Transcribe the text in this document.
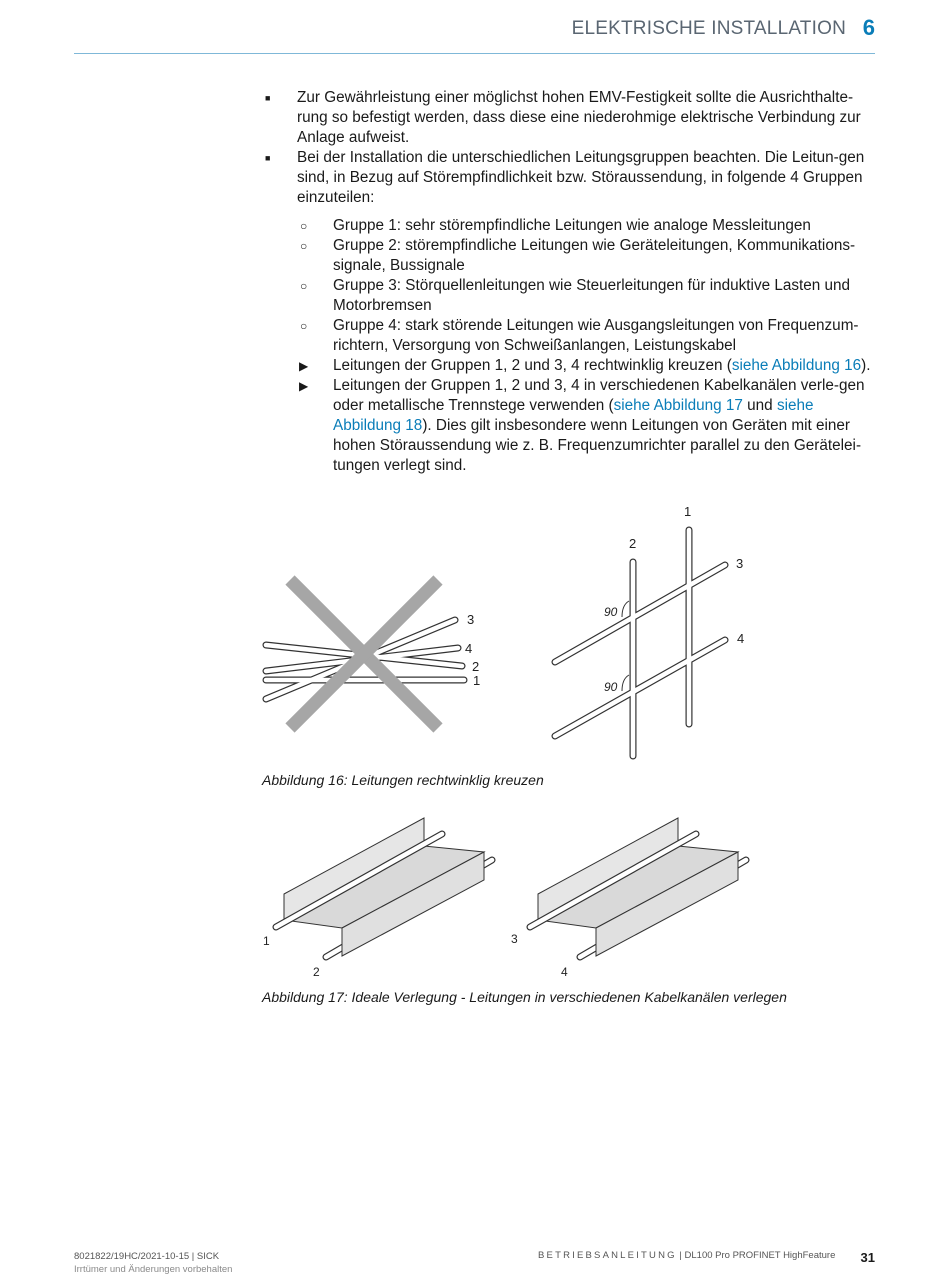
ELEKTRISCHE INSTALLATION 6
■ Zur Gewährleistung einer möglichst hohen EMV-Festigkeit sollte die Ausrichthalte-rung so befestigt werden, dass diese eine niederohmige elektrische Verbindung zur Anlage aufweist.
■ Bei der Installation die unterschiedlichen Leitungsgruppen beachten. Die Leitun-gen sind, in Bezug auf Störempfindlichkeit bzw. Störaussendung, in folgende 4 Gruppen einzuteilen:
○ Gruppe 1: sehr störempfindliche Leitungen wie analoge Messleitungen
○ Gruppe 2: störempfindliche Leitungen wie Geräteleitungen, Kommunikations-signale, Bussignale
○ Gruppe 3: Störquellenleitungen wie Steuerleitungen für induktive Lasten und Motorbremsen
○ Gruppe 4: stark störende Leitungen wie Ausgangsleitungen von Frequenzum-richtern, Versorgung von Schweißanlangen, Leistungskabel
▶ Leitungen der Gruppen 1, 2 und 3, 4 rechtwinklig kreuzen (siehe Abbildung 16).
▶ Leitungen der Gruppen 1, 2 und 3, 4 in verschiedenen Kabelkanälen verle-gen oder metallische Trennstege verwenden (siehe Abbildung 17 und siehe Abbildung 18). Dies gilt insbesondere wenn Leitungen von Geräten mit einer hohen Störaussendung wie z. B. Frequenzumrichter parallel zu den Gerätelei-tungen verlegt sind.
3
4
2
1
90
90
1
2
3
4
Abbildung 16: Leitungen rechtwinklig kreuzen
1
2
3
4
Abbildung 17: Ideale Verlegung - Leitungen in verschiedenen Kabelkanälen verlegen
8021822/19HC/2021-10-15 | SICK
Irrtümer und Änderungen vorbehalten
BETRIEBSANLEITUNG | DL100 Pro PROFINET HighFeature 31
